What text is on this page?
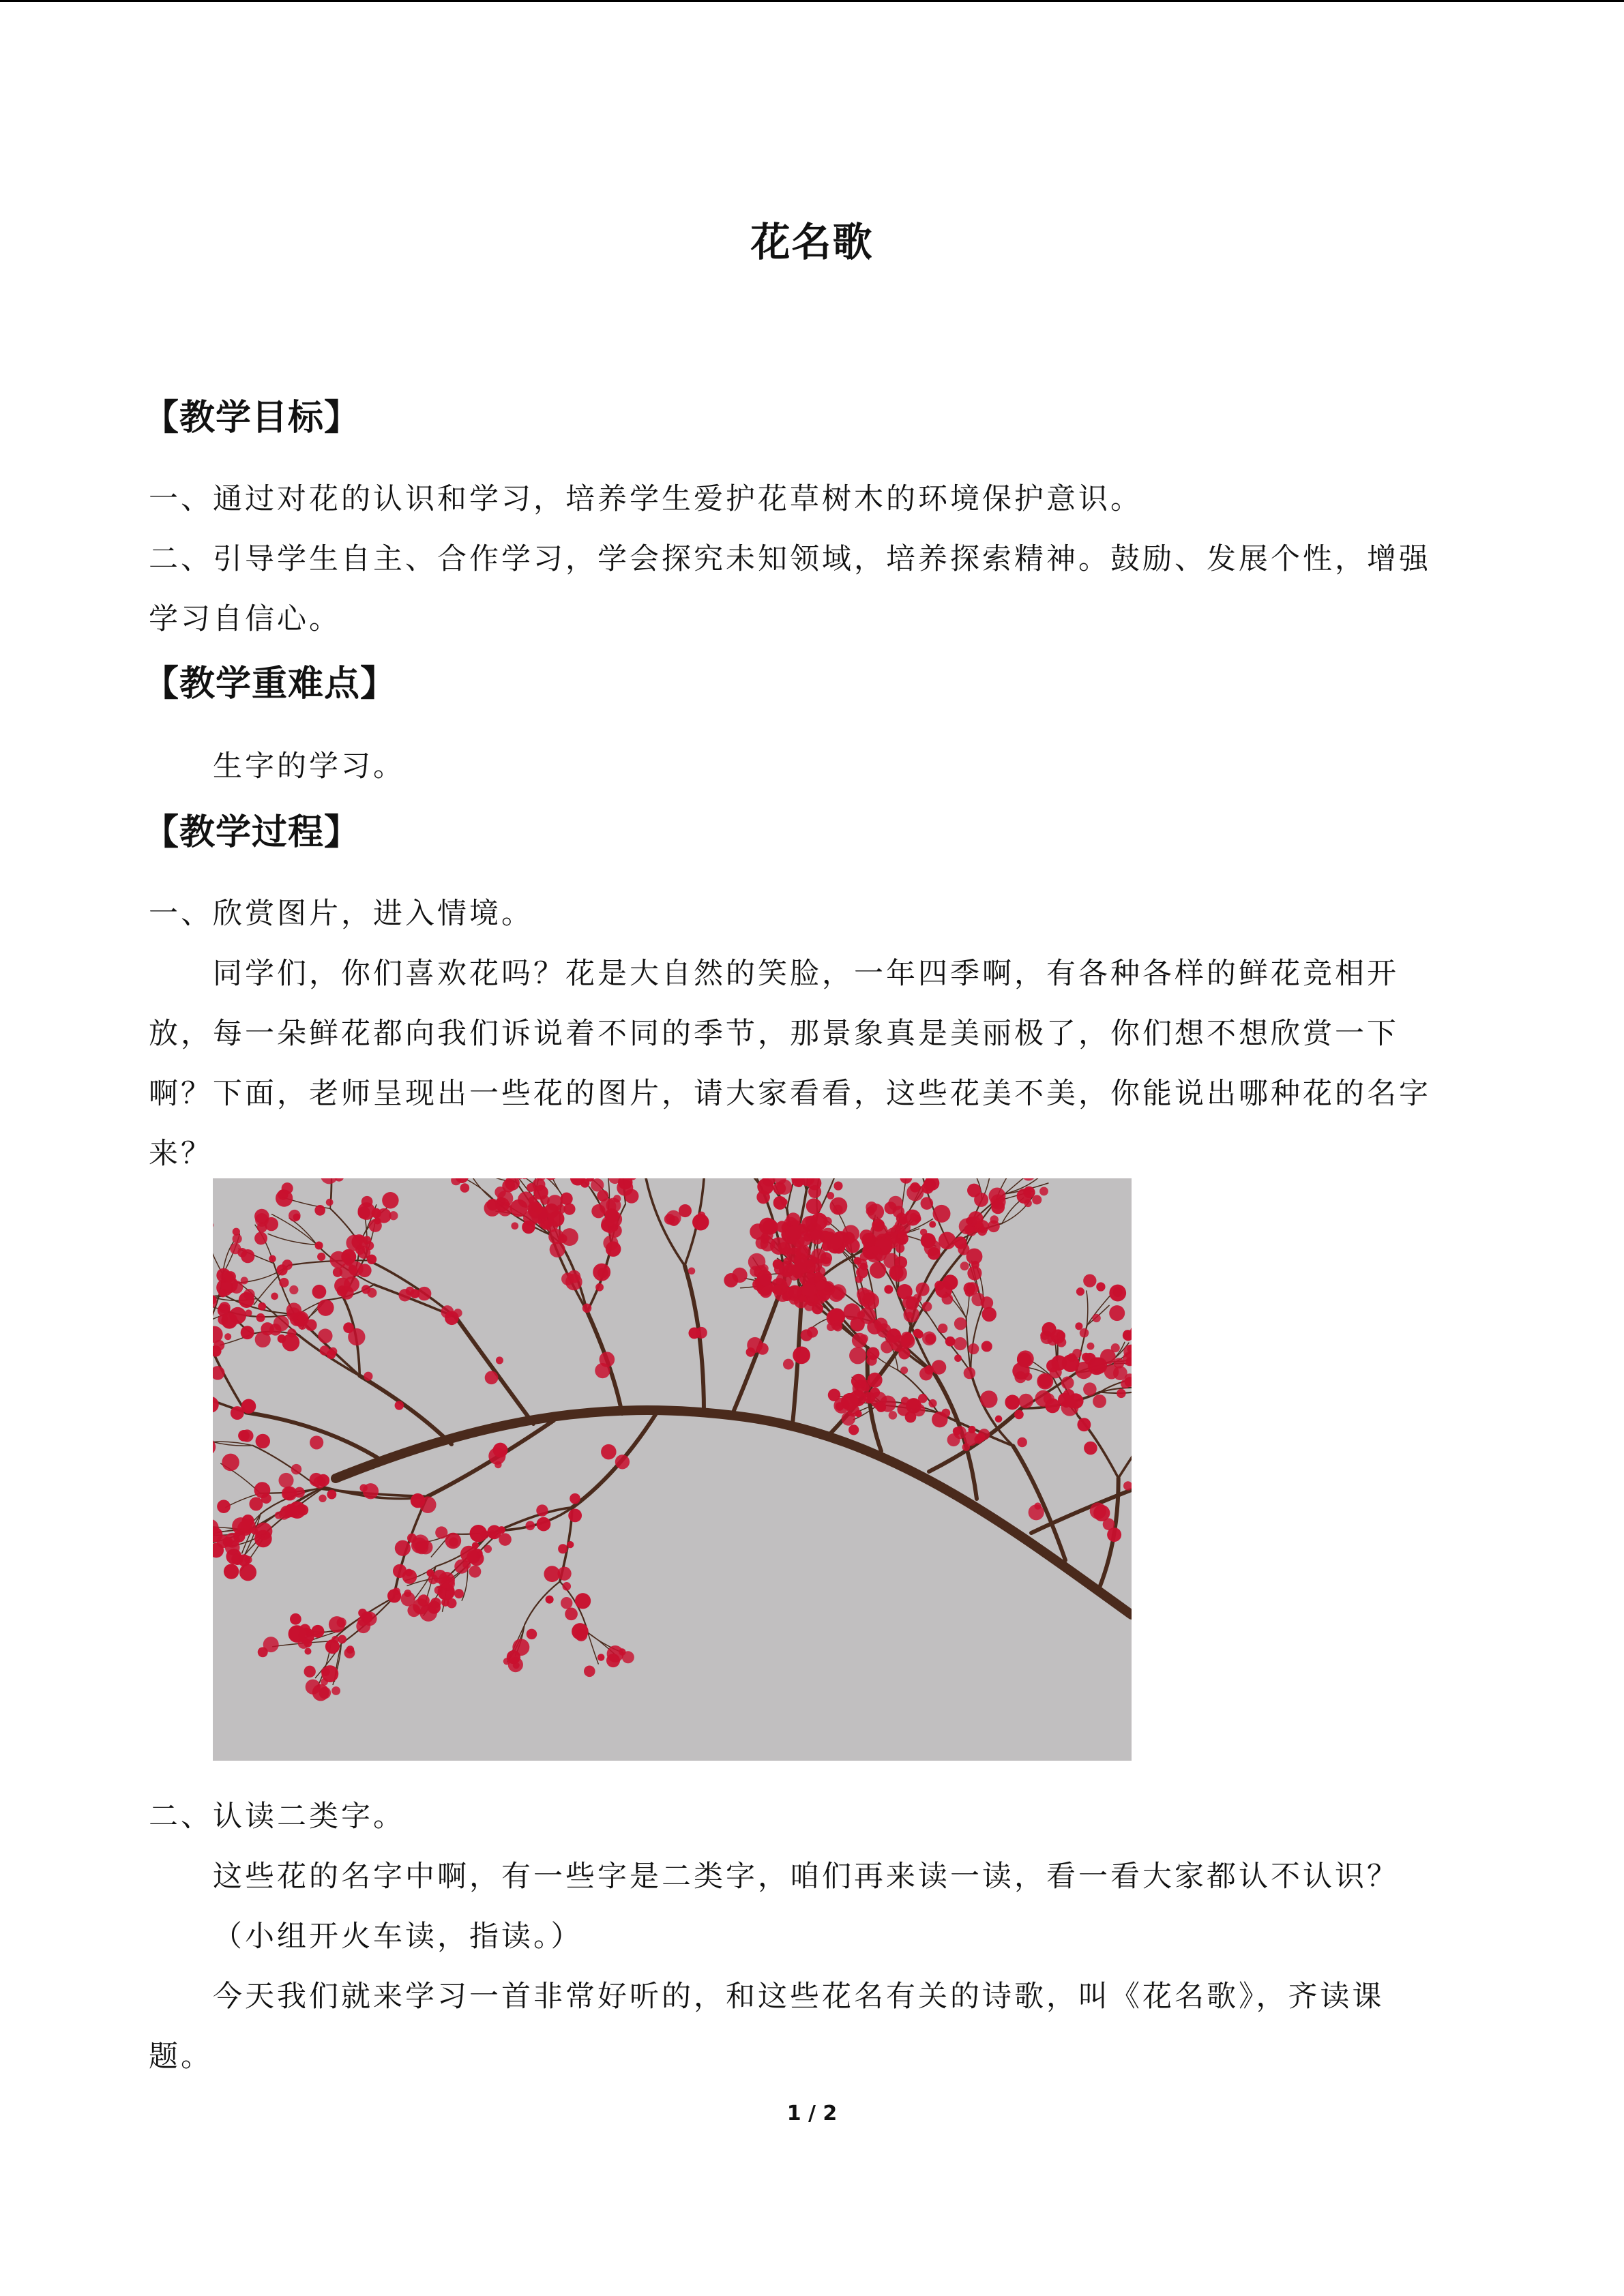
花名歌
【教学目标】
一、通过对花的认识和学习，培养学生爱护花草树木的环境保护意识。
二、引导学生自主、合作学习，学会探究未知领域，培养探索精神。鼓励、发展个性，增强
学习自信心。
【教学重难点】
生字的学习。
【教学过程】
一、欣赏图片，进入情境。
同学们，你们喜欢花吗？花是大自然的笑脸，一年四季啊，有各种各样的鲜花竞相开
放，每一朵鲜花都向我们诉说着不同的季节，那景象真是美丽极了，你们想不想欣赏一下
啊？下面，老师呈现出一些花的图片，请大家看看，这些花美不美，你能说出哪种花的名字
来？
二、认读二类字。
这些花的名字中啊，有一些字是二类字，咱们再来读一读，看一看大家都认不认识？
（小组开火车读，指读。）
今天我们就来学习一首非常好听的，和这些花名有关的诗歌，叫《花名歌》，齐读课
题。
1 / 2
